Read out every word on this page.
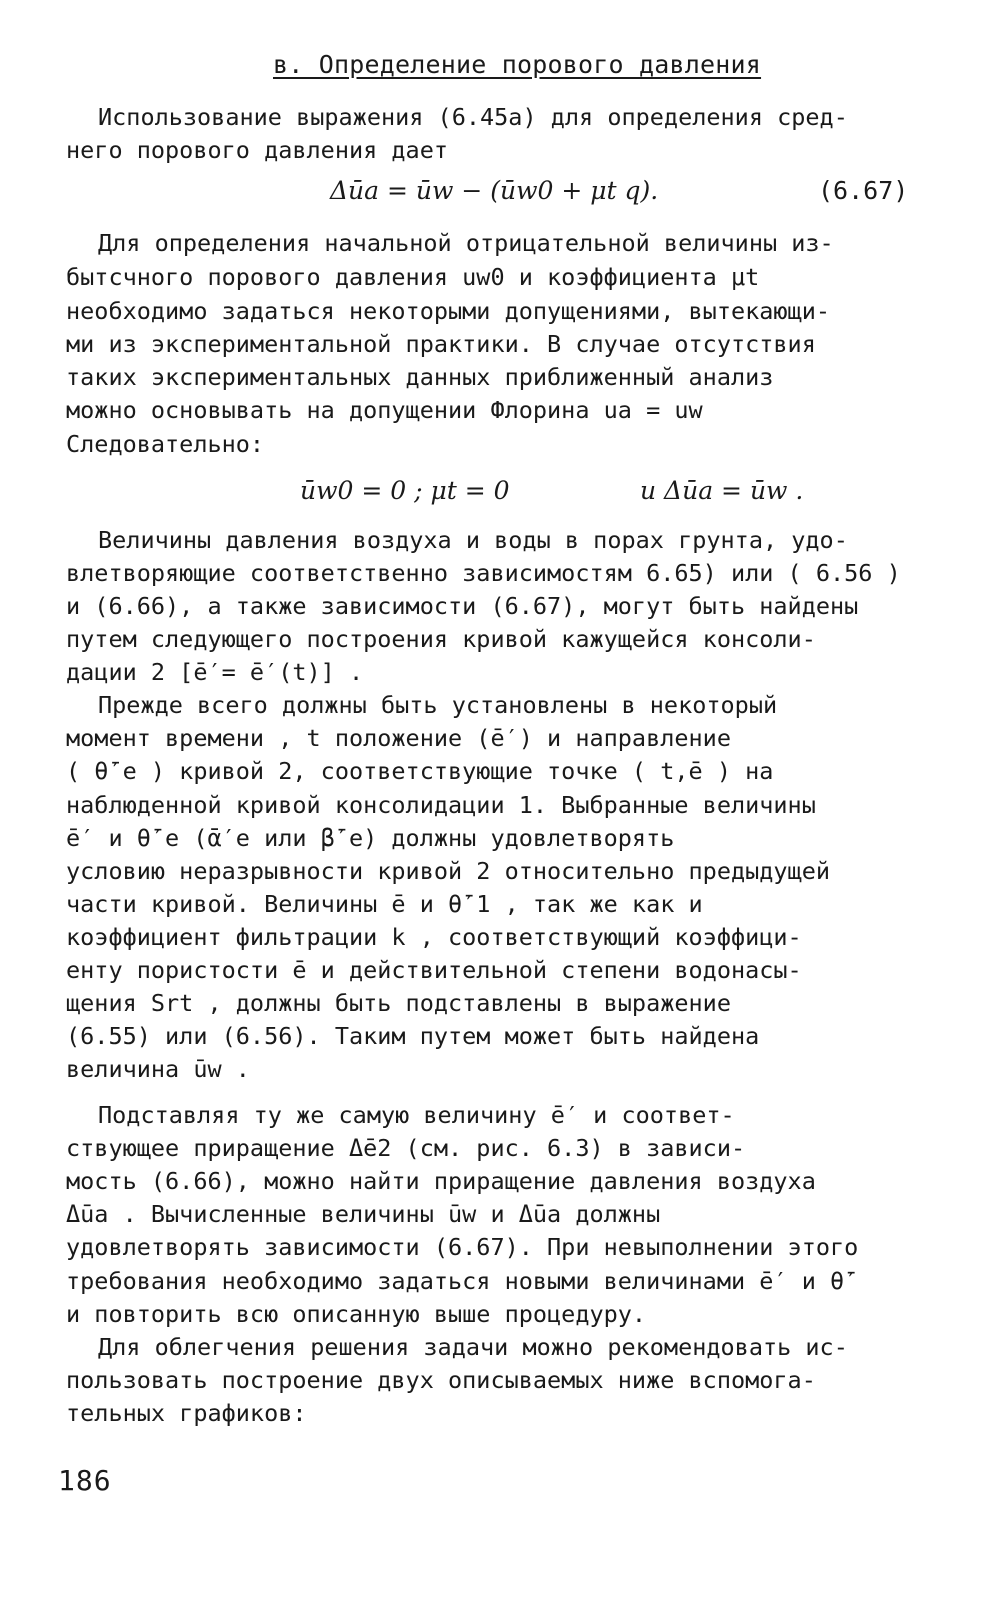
в. Определение порового давления
Использование выражения (6.45а) для определения сред-
него порового давления дает
Для определения начальной отрицательной величины из-
бытсчного порового давления uw0 и коэффициента μt
необходимо задаться некоторыми допущениями, вытекающи-
ми из экспериментальной практики. В случае отсутствия
таких экспериментальных данных приближенный анализ
можно основывать на допущении Флорина ua = uw
Следовательно:
Величины давления воздуха и воды в порах грунта, удо-
влетворяющие соответственно зависимостям 6.65) или ( 6.56 )
и (6.66), а также зависимости (6.67), могут быть найдены
путем следующего построения кривой кажущейся консоли-
дации 2 [ē′= ē′(t)] .
Прежде всего должны быть установлены в некоторый
момент времени , t положение (ē′) и направление
( θ̄′e ) кривой 2, соответствующие точке ( t,ē ) на
наблюденной кривой консолидации 1. Выбранные величины
ē′ и θ̄′e (ᾱ′e или β̄′e) должны удовлетворять
условию неразрывности кривой 2 относительно предыдущей
части кривой. Величины ē и θ̄′1 , так же как и
коэффициент фильтрации k , соответствующий коэффици-
енту пористости ē и действительной степени водонасы-
щения Srt , должны быть подставлены в выражение
(6.55) или (6.56). Таким путем может быть найдена
величина ūw .
Подставляя ту же самую величину ē′ и соответ-
ствующее приращение Δē2 (см. рис. 6.3) в зависи-
мость (6.66), можно найти приращение давления воздуха
Δūa . Вычисленные величины ūw и Δūa должны
удовлетворять зависимости (6.67). При невыполнении этого
требования необходимо задаться новыми величинами ē′ и θ̄′
и повторить всю описанную выше процедуру.
Для облегчения решения задачи можно рекомендовать ис-
пользовать построение двух описываемых ниже вспомога-
тельных графиков:
Δūa = ūw − (ūw0 + μt q).	(6.67)
ūw0 = 0 ; μt = 0	и Δūa = ūw .
186
